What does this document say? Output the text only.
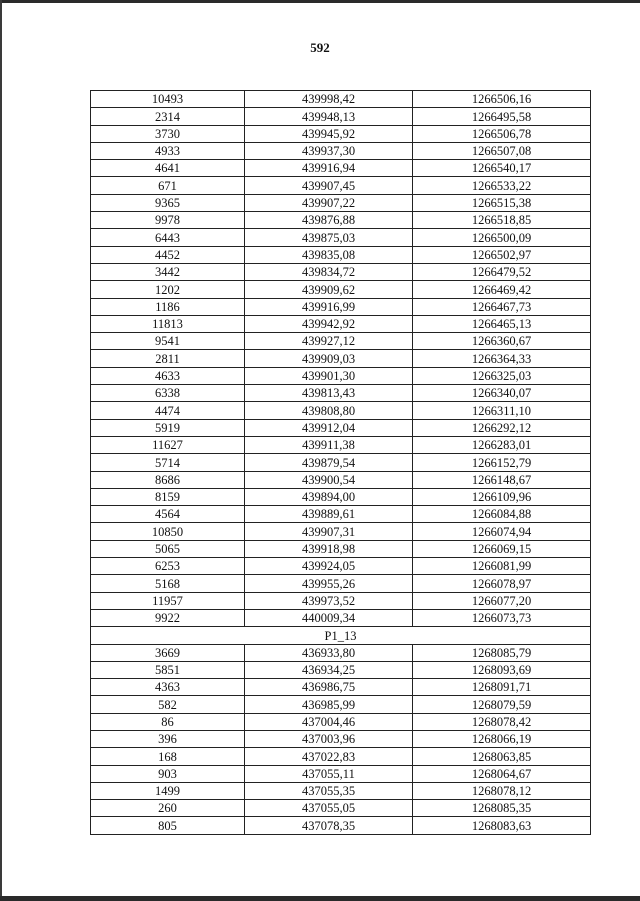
592
10493	439998,42	1266506,16
2314	439948,13	1266495,58
3730	439945,92	1266506,78
4933	439937,30	1266507,08
4641	439916,94	1266540,17
671	439907,45	1266533,22
9365	439907,22	1266515,38
9978	439876,88	1266518,85
6443	439875,03	1266500,09
4452	439835,08	1266502,97
3442	439834,72	1266479,52
1202	439909,62	1266469,42
1186	439916,99	1266467,73
11813	439942,92	1266465,13
9541	439927,12	1266360,67
2811	439909,03	1266364,33
4633	439901,30	1266325,03
6338	439813,43	1266340,07
4474	439808,80	1266311,10
5919	439912,04	1266292,12
11627	439911,38	1266283,01
5714	439879,54	1266152,79
8686	439900,54	1266148,67
8159	439894,00	1266109,96
4564	439889,61	1266084,88
10850	439907,31	1266074,94
5065	439918,98	1266069,15
6253	439924,05	1266081,99
5168	439955,26	1266078,97
11957	439973,52	1266077,20
9922	440009,34	1266073,73
P1_13		
3669	436933,80	1268085,79
5851	436934,25	1268093,69
4363	436986,75	1268091,71
582	436985,99	1268079,59
86	437004,46	1268078,42
396	437003,96	1268066,19
168	437022,83	1268063,85
903	437055,11	1268064,67
1499	437055,35	1268078,12
260	437055,05	1268085,35
805	437078,35	1268083,63
